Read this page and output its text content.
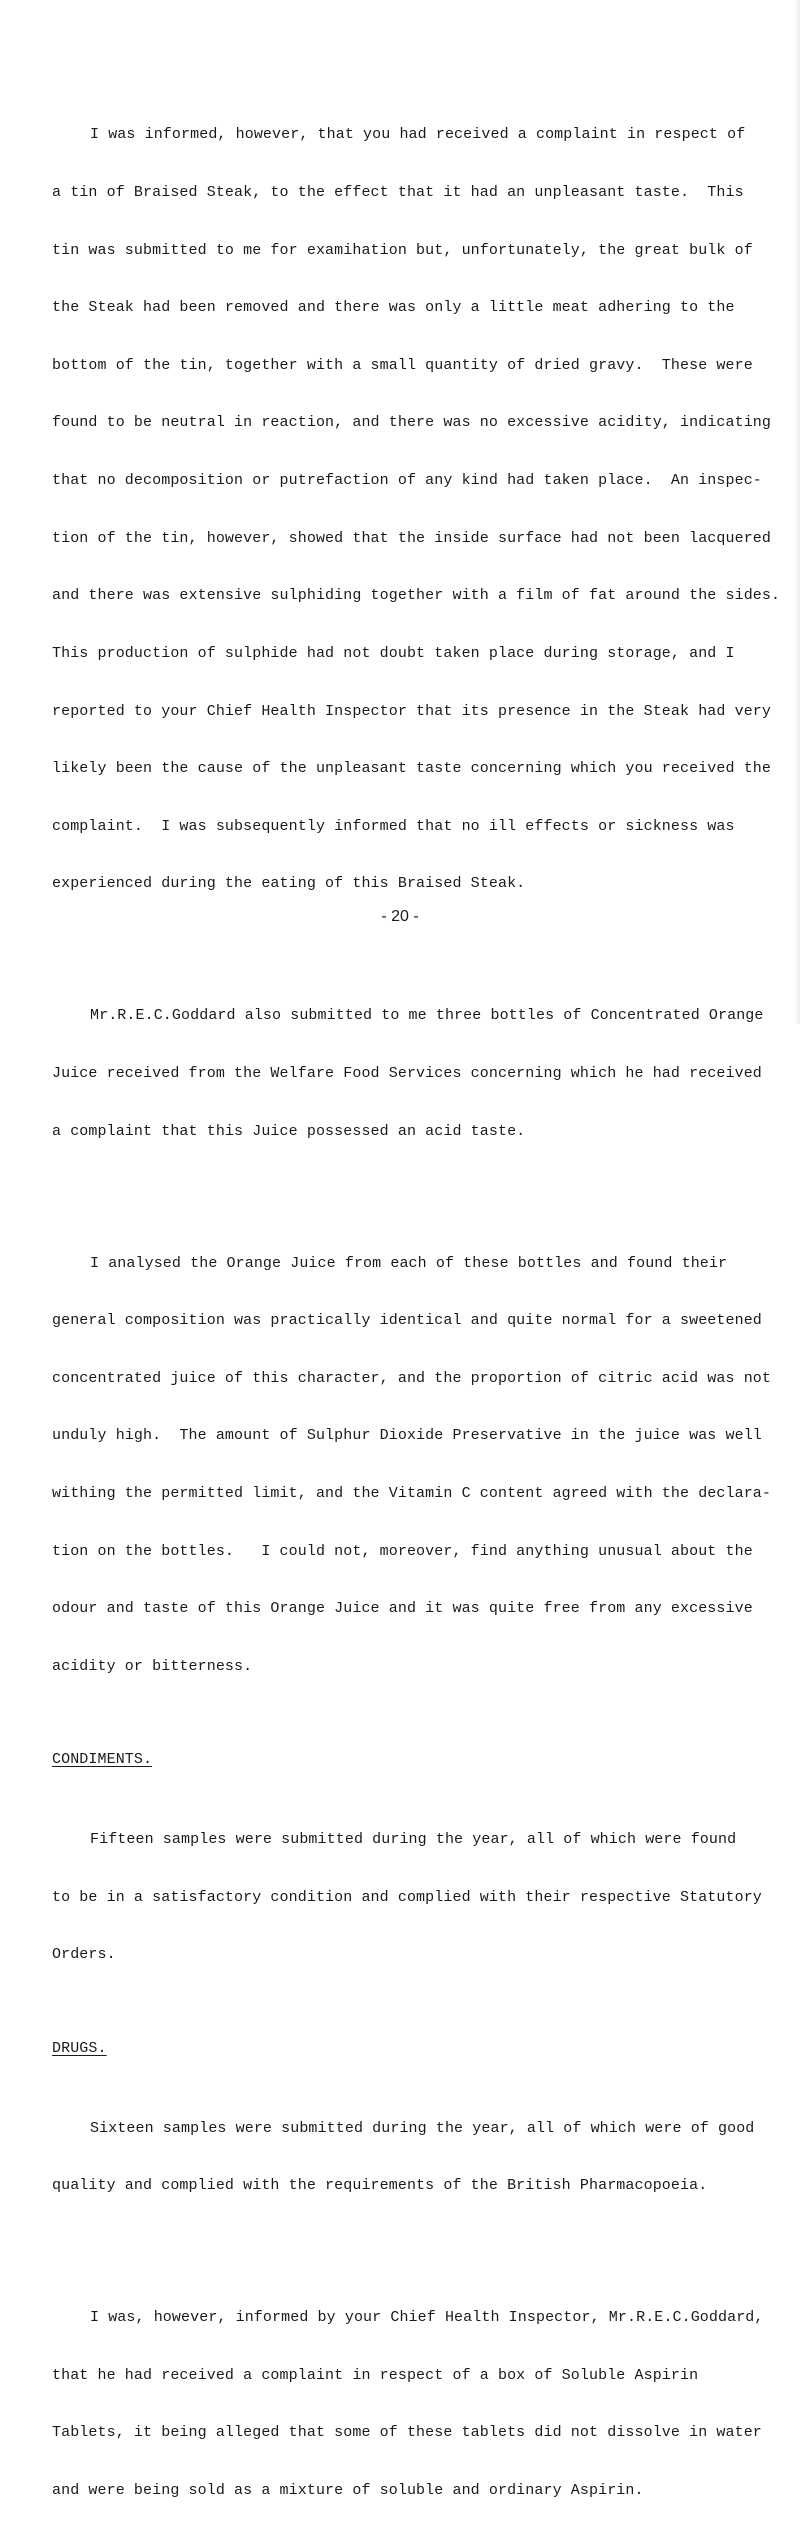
I was informed, however, that you had received a complaint in respect of

a tin of Braised Steak, to the effect that it had an unpleasant taste.  This

tin was submitted to me for examihation but, unfortunately, the great bulk of

the Steak had been removed and there was only a little meat adhering to the

bottom of the tin, together with a small quantity of dried gravy.  These were

found to be neutral in reaction, and there was no excessive acidity, indicating

that no decomposition or putrefaction of any kind had taken place.  An inspec-

tion of the tin, however, showed that the inside surface had not been lacquered

and there was extensive sulphiding together with a film of fat around the sides.

This production of sulphide had not doubt taken place during storage, and I

reported to your Chief Health Inspector that its presence in the Steak had very

likely been the cause of the unpleasant taste concerning which you received the

complaint.  I was subsequently informed that no ill effects or sickness was

experienced during the eating of this Braised Steak.

Mr.R.E.C.Goddard also submitted to me three bottles of Concentrated Orange

Juice received from the Welfare Food Services concerning which he had received

a complaint that this Juice possessed an acid taste.

I analysed the Orange Juice from each of these bottles and found their

general composition was practically identical and quite normal for a sweetened

concentrated juice of this character, and the proportion of citric acid was not

unduly high.  The amount of Sulphur Dioxide Preservative in the juice was well

withing the permitted limit, and the Vitamin C content agreed with the declara-

tion on the bottles.   I could not, moreover, find anything unusual about the

odour and taste of this Orange Juice and it was quite free from any excessive

acidity or bitterness.

CONDIMENTS.

Fifteen samples were submitted during the year, all of which were found

to be in a satisfactory condition and complied with their respective Statutory

Orders.

DRUGS.

Sixteen samples were submitted during the year, all of which were of good

quality and complied with the requirements of the British Pharmacopoeia.

I was, however, informed by your Chief Health Inspector, Mr.R.E.C.Goddard,

that he had received a complaint in respect of a box of Soluble Aspirin

Tablets, it being alleged that some of these tablets did not dissolve in water

and were being sold as a mixture of soluble and ordinary Aspirin.

- 20 -
